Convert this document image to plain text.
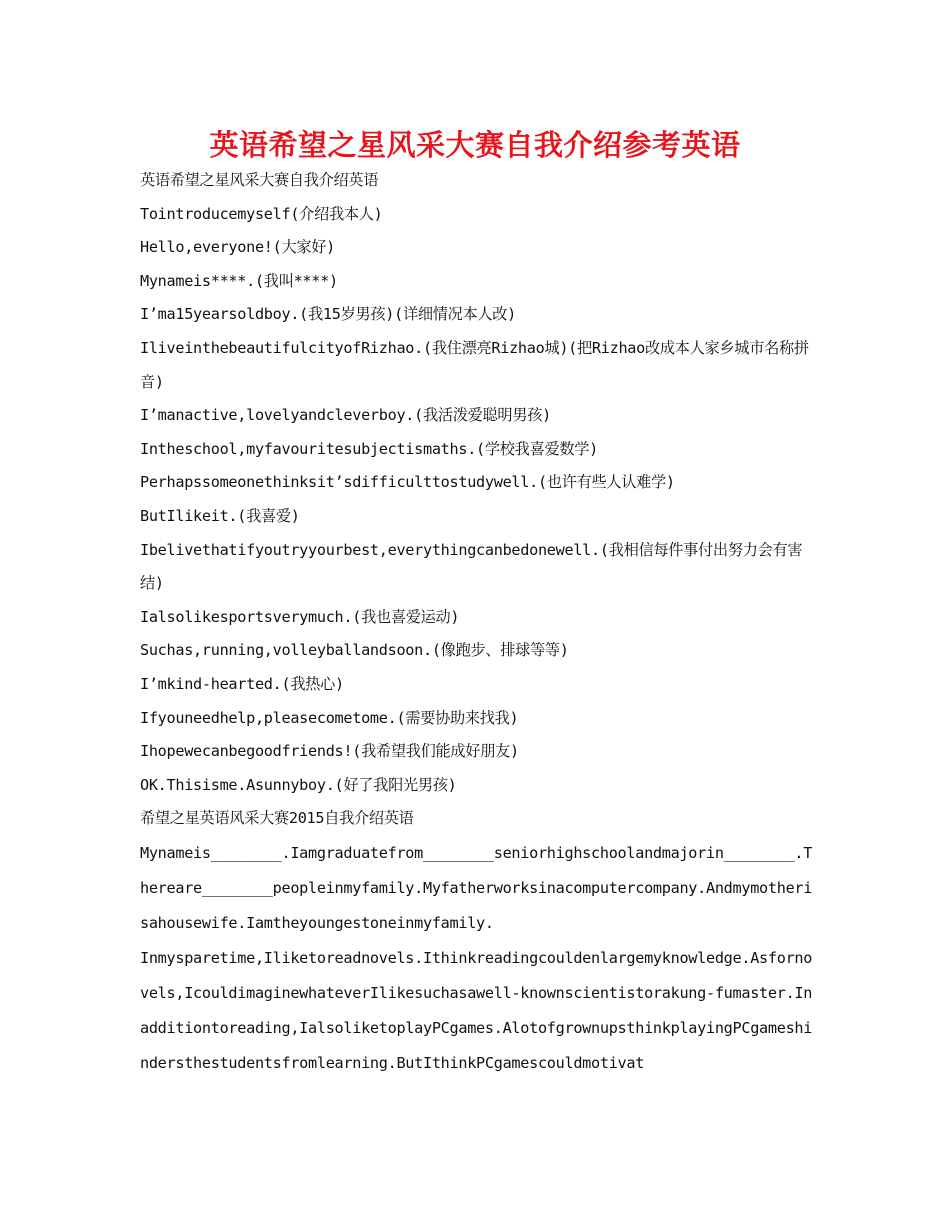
英语希望之星风采大赛自我介绍参考英语

英语希望之星风采大赛自我介绍英语

Tointroducemyself(介绍我本人)

Hello,everyone!(大家好)

Mynameis****.(我叫****)

I’ma15yearsoldboy.(我15岁男孩)(详细情况本人改)

IliveinthebeautifulcityofRizhao.(我住漂亮Rizhao城)(把Rizhao改成本人家乡城市名称拼音)

I’manactive,lovelyandcleverboy.(我活泼爱聪明男孩)

Intheschool,myfavouritesubjectismaths.(学校我喜爱数学)

Perhapssomeonethinksit’sdifficulttostudywell.(也许有些人认难学)

ButIlikeit.(我喜爱)

Ibelivethatifyoutryyourbest,everythingcanbedonewell.(我相信每件事付出努力会有害结)

Ialsolikesportsverymuch.(我也喜爱运动)

Suchas,running,volleyballandsoon.(像跑步、排球等等)

I’mkind-hearted.(我热心)

Ifyouneedhelp,pleasecometome.(需要协助来找我)

Ihopewecanbegoodfriends!(我希望我们能成好朋友)

OK.Thisisme.Asunnyboy.(好了我阳光男孩)

希望之星英语风采大赛2015自我介绍英语

Mynameis________.Iamgraduatefrom________seniorhighschoolandmajorin________.Thereare________peopleinmyfamily.Myfatherworksinacomputercompany.Andmymotherisahousewife.Iamtheyoungestoneinmyfamily.

Inmysparetime,Iliketoreadnovels.Ithinkreadingcouldenlargemyknowledge.Asfornovels,IcouldimaginewhateverIlikesuchasawell-knownscientistorakung-fumaster.Inadditiontoreading,IalsoliketoplayPCgames.AlotofgrownupsthinkplayingPCgameshindersthestudentsfromlearning.ButIthinkPCgamescouldmotivat
